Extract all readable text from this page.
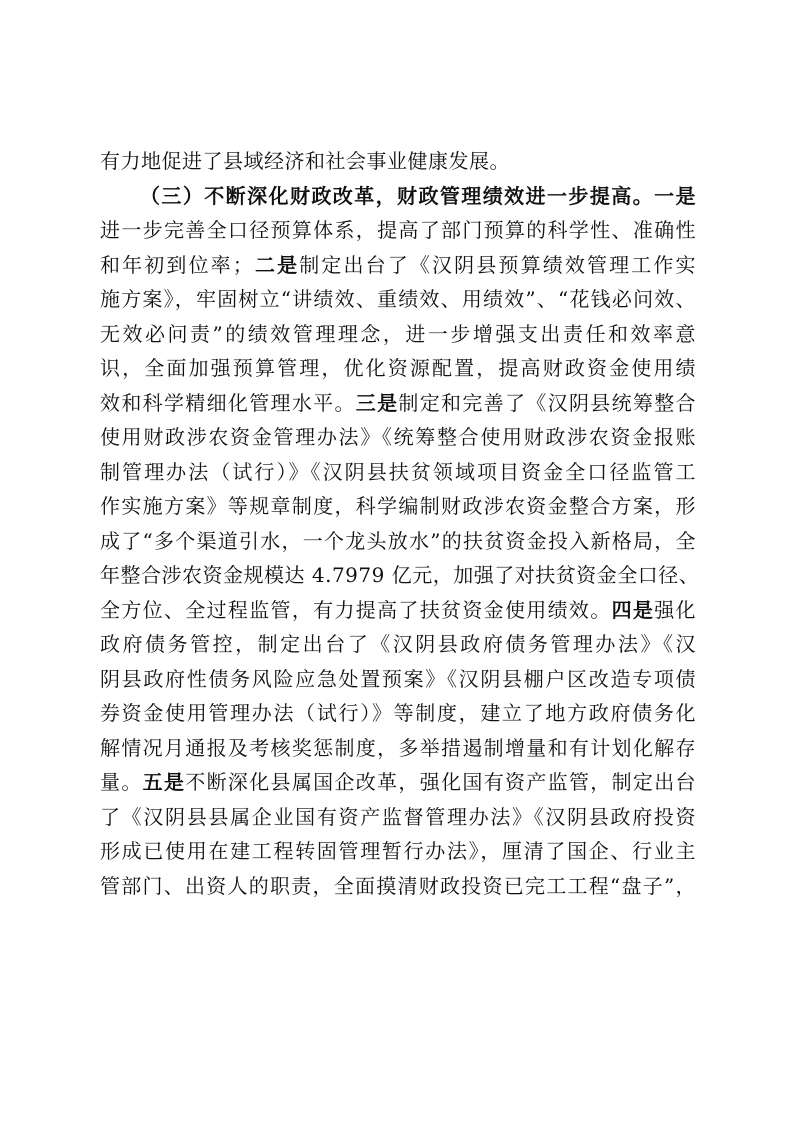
有力地促进了县域经济和社会事业健康发展。
（三）不断深化财政改革，财政管理绩效进一步提高。一是
进一步完善全口径预算体系，提高了部门预算的科学性、准确性
和年初到位率；二是制定出台了《汉阴县预算绩效管理工作实
施方案》，牢固树立“讲绩效、重绩效、用绩效”、“花钱必问效、
无效必问责”的绩效管理理念，进一步增强支出责任和效率意
识，全面加强预算管理，优化资源配置，提高财政资金使用绩
效和科学精细化管理水平。三是制定和完善了《汉阴县统筹整合
使用财政涉农资金管理办法》《统筹整合使用财政涉农资金报账
制管理办法（试行）》《汉阴县扶贫领域项目资金全口径监管工
作实施方案》等规章制度，科学编制财政涉农资金整合方案，形
成了“多个渠道引水，一个龙头放水”的扶贫资金投入新格局，全
年整合涉农资金规模达 4.7979 亿元，加强了对扶贫资金全口径、
全方位、全过程监管，有力提高了扶贫资金使用绩效。四是强化
政府债务管控，制定出台了《汉阴县政府债务管理办法》《汉
阴县政府性债务风险应急处置预案》《汉阴县棚户区改造专项债
券资金使用管理办法（试行）》等制度，建立了地方政府债务化
解情况月通报及考核奖惩制度，多举措遏制增量和有计划化解存
量。五是不断深化县属国企改革，强化国有资产监管，制定出台
了《汉阴县县属企业国有资产监督管理办法》《汉阴县政府投资
形成已使用在建工程转固管理暂行办法》，厘清了国企、行业主
管部门、出资人的职责，全面摸清财政投资已完工工程“盘子”，
